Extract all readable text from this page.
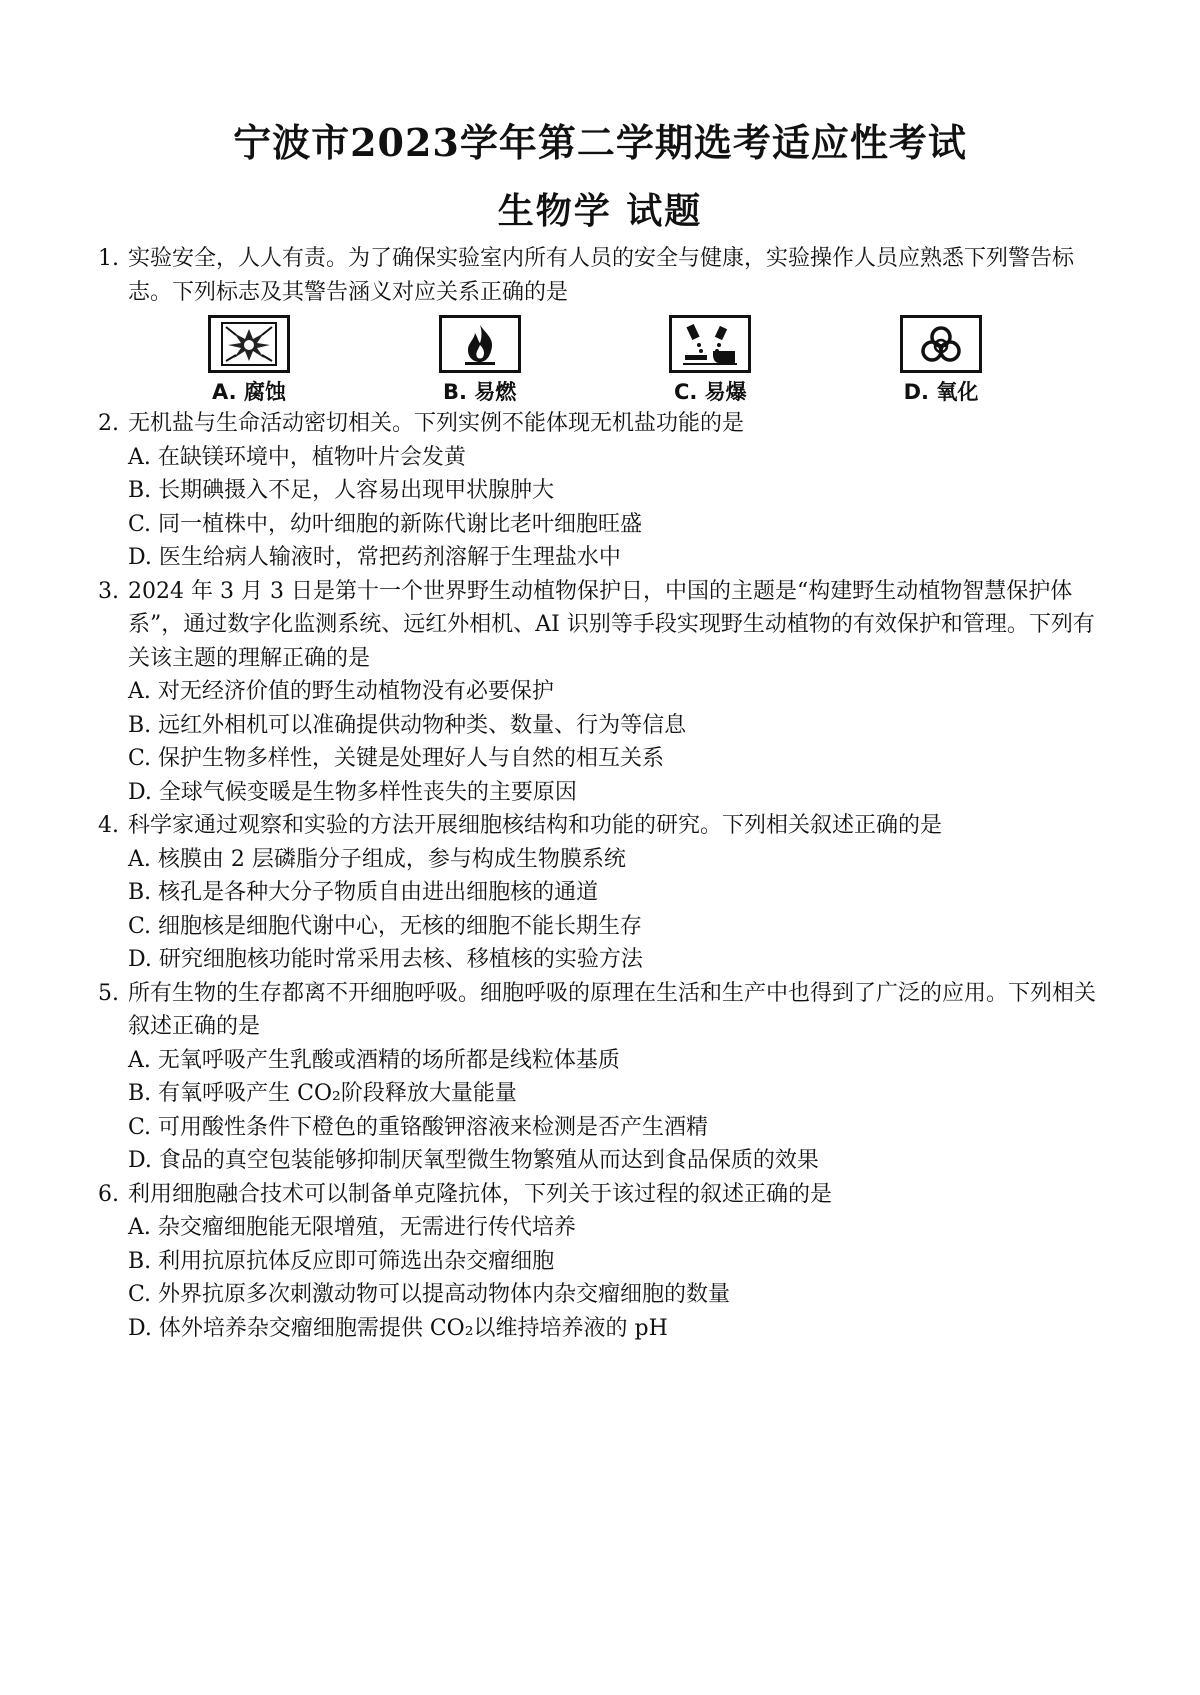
宁波市2023学年第二学期选考适应性考试
生物学 试题
1. 实验安全，人人有责。为了确保实验室内所有人员的安全与健康，实验操作人员应熟悉下列警告标志。下列标志及其警告涵义对应关系正确的是
A. 腐蚀	B. 易燃	C. 易爆	D. 氧化
2. 无机盐与生命活动密切相关。下列实例不能体现无机盐功能的是
A. 在缺镁环境中，植物叶片会发黄
B. 长期碘摄入不足，人容易出现甲状腺肿大
C. 同一植株中，幼叶细胞的新陈代谢比老叶细胞旺盛
D. 医生给病人输液时，常把药剂溶解于生理盐水中
3. 2024 年 3 月 3 日是第十一个世界野生动植物保护日，中国的主题是“构建野生动植物智慧保护体系”，通过数字化监测系统、远红外相机、AI 识别等手段实现野生动植物的有效保护和管理。下列有关该主题的理解正确的是
A. 对无经济价值的野生动植物没有必要保护
B. 远红外相机可以准确提供动物种类、数量、行为等信息
C. 保护生物多样性，关键是处理好人与自然的相互关系
D. 全球气候变暖是生物多样性丧失的主要原因
4. 科学家通过观察和实验的方法开展细胞核结构和功能的研究。下列相关叙述正确的是
A. 核膜由 2 层磷脂分子组成，参与构成生物膜系统
B. 核孔是各种大分子物质自由进出细胞核的通道
C. 细胞核是细胞代谢中心，无核的细胞不能长期生存
D. 研究细胞核功能时常采用去核、移植核的实验方法
5. 所有生物的生存都离不开细胞呼吸。细胞呼吸的原理在生活和生产中也得到了广泛的应用。下列相关叙述正确的是
A. 无氧呼吸产生乳酸或酒精的场所都是线粒体基质
B. 有氧呼吸产生 CO₂阶段释放大量能量
C. 可用酸性条件下橙色的重铬酸钾溶液来检测是否产生酒精
D. 食品的真空包装能够抑制厌氧型微生物繁殖从而达到食品保质的效果
6. 利用细胞融合技术可以制备单克隆抗体，下列关于该过程的叙述正确的是
A. 杂交瘤细胞能无限增殖，无需进行传代培养
B. 利用抗原抗体反应即可筛选出杂交瘤细胞
C. 外界抗原多次刺激动物可以提高动物体内杂交瘤细胞的数量
D. 体外培养杂交瘤细胞需提供 CO₂以维持培养液的 pH
